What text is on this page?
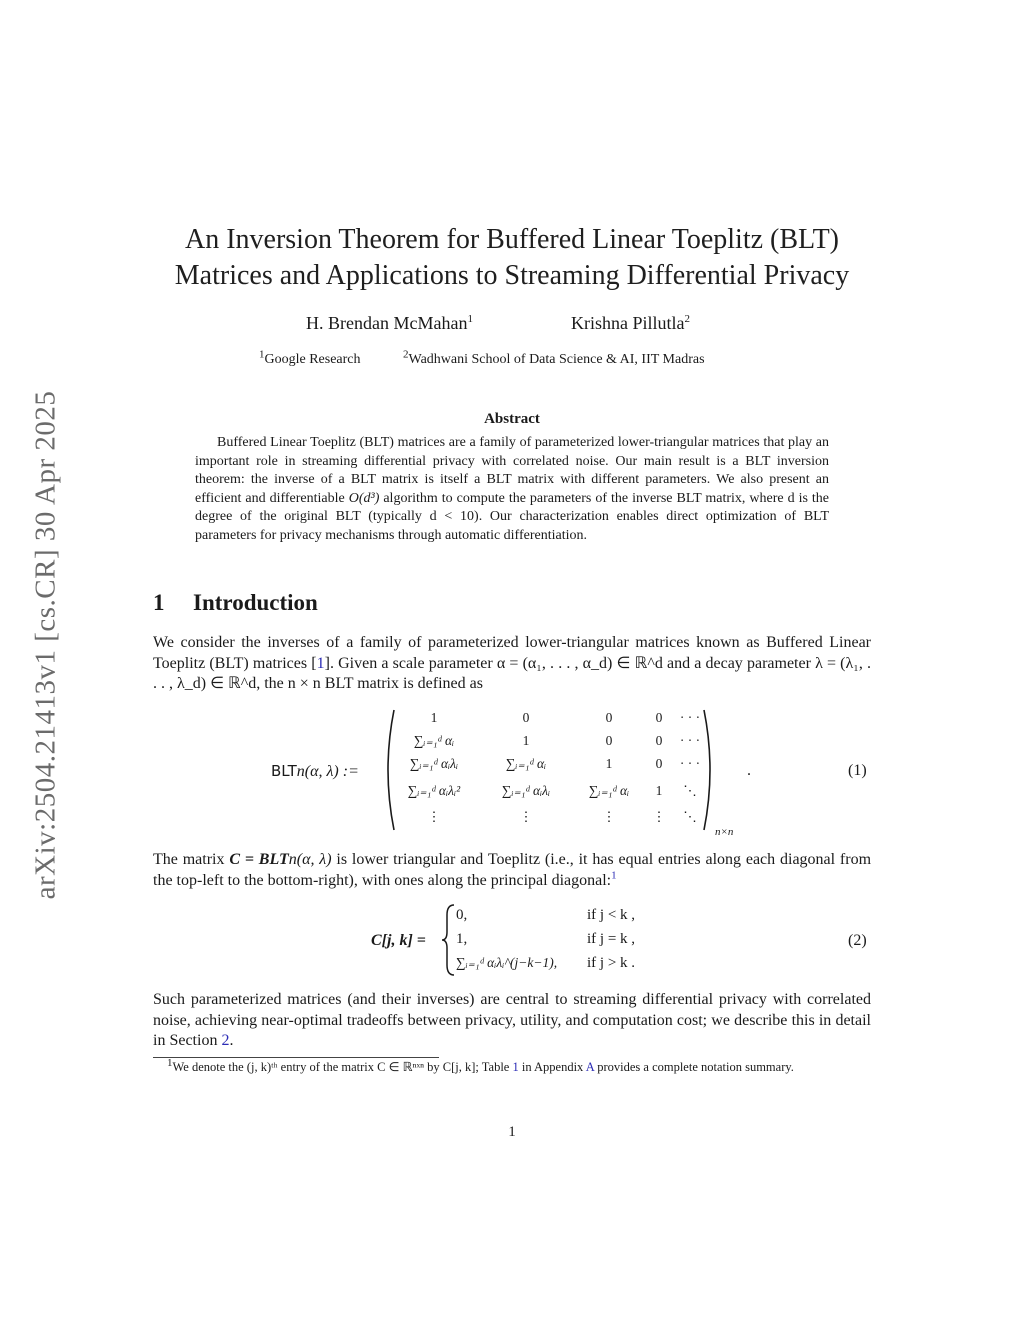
arXiv:2504.21413v1 [cs.CR] 30 Apr 2025
An Inversion Theorem for Buffered Linear Toeplitz (BLT)
Matrices and Applications to Streaming Differential Privacy
H. Brendan McMahan$^1$	Krishna Pillutla$^2$
$^1$Google Research	$^2$Wadhwani School of Data Science & AI, IIT Madras
Abstract
Buffered Linear Toeplitz (BLT) matrices are a family of parameterized lower-triangular matrices that play an important role in streaming differential privacy with correlated noise. Our main result is a BLT inversion theorem: the inverse of a BLT matrix is itself a BLT matrix with different parameters. We also present an efficient and differentiable O(d³) algorithm to compute the parameters of the inverse BLT matrix, where d is the degree of the original BLT (typically d < 10). Our characterization enables direct optimization of BLT parameters for privacy mechanisms through automatic differentiation.
1 Introduction
We consider the inverses of a family of parameterized lower-triangular matrices known as Buffered Linear Toeplitz (BLT) matrices [1]. Given a scale parameter α = (α₁, . . . , α_d) ∈ ℝ^d and a decay parameter λ = (λ₁, . . . , λ_d) ∈ ℝ^d, the n × n BLT matrix is defined as
BLTn(α, λ) :=
1	0	0	0 · · ·
∑ᵢ₌₁ᵈ αᵢ	1	0	0 · · ·
∑ᵢ₌₁ᵈ αᵢλᵢ	∑ᵢ₌₁ᵈ αᵢ	1	0 · · ·
∑ᵢ₌₁ᵈ αᵢλᵢ²	∑ᵢ₌₁ᵈ αᵢλᵢ	∑ᵢ₌₁ᵈ αᵢ 1 ⋱
⋮	⋮	⋮	⋮ ⋱
n×n
.	(1)
The matrix C = BLTn(α, λ) is lower triangular and Toeplitz (i.e., it has equal entries along each diagonal from the top-left to the bottom-right), with ones along the principal diagonal:$^1$
C[j, k] =
0,	if j < k ,
1,	if j = k ,
∑ᵢ₌₁ᵈ αᵢλᵢ^(j−k−1), if j > k .
(2)
Such parameterized matrices (and their inverses) are central to streaming differential privacy with correlated noise, achieving near-optimal tradeoffs between privacy, utility, and computation cost; we describe this in detail in Section 2.
$^1$We denote the (j, k)ᵗʰ entry of the matrix C ∈ ℝⁿˣⁿ by C[j, k]; Table 1 in Appendix A provides a complete notation summary.
1
